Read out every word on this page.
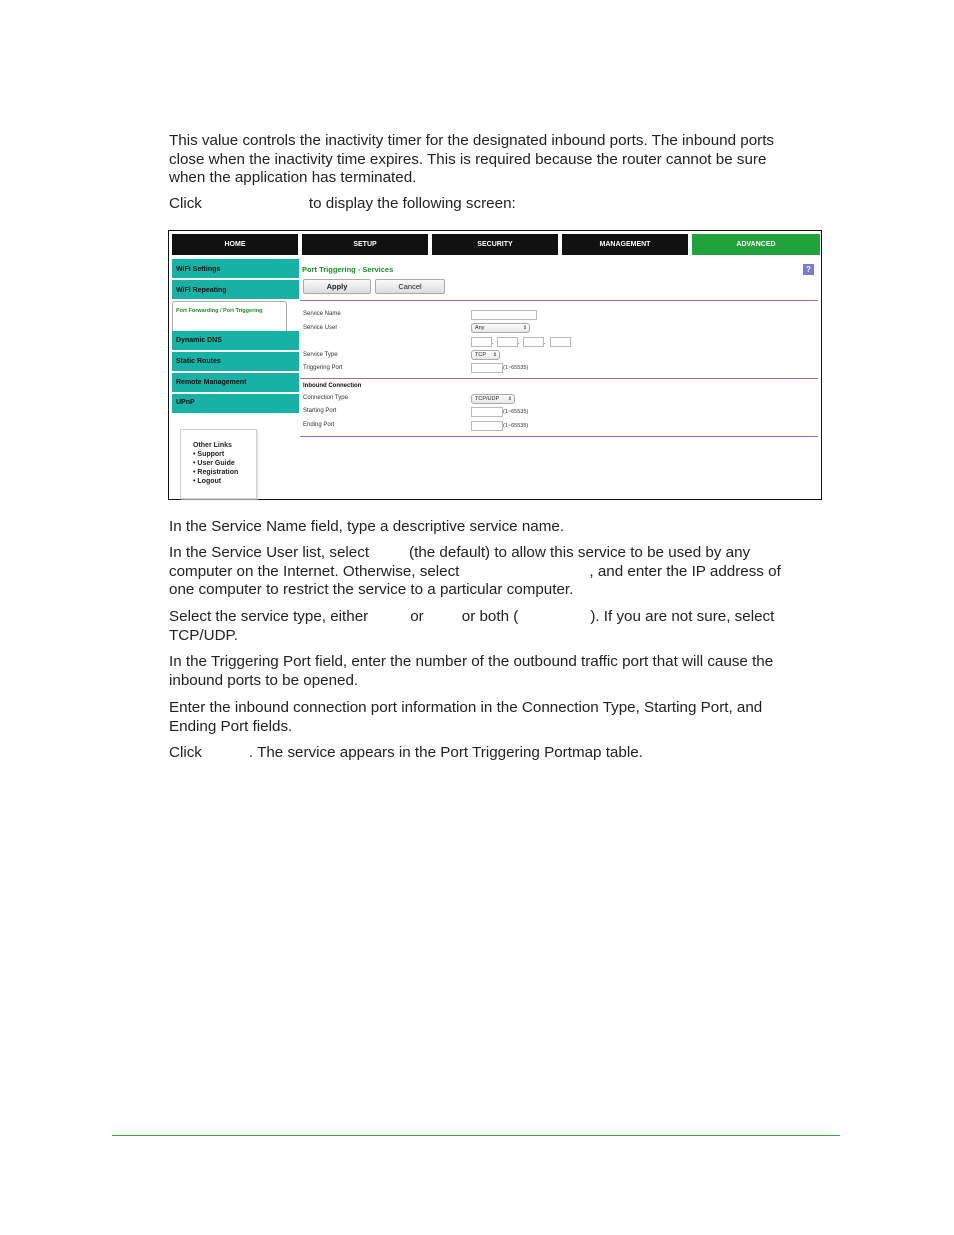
This value controls the inactivity timer for the designated inbound ports. The inbound ports
close when the inactivity time expires. This is required because the router cannot be sure
when the application has terminated.

Click	to display the following screen:

HOME	SETUP	SECURITY	MANAGEMENT	ADVANCED
WiFi Settings
WiFi Repeating
Port Forwarding / Port Triggering
Dynamic DNS
Static Routes
Remote Management
UPnP
Other Links
• Support
• User Guide
• Registration
• Logout
Port Triggering - Services	?
Apply	Cancel
Service Name
Service User	Any	⇕
.	.	.
Service Type	TCP ⇕
Triggering Port	(1~65535)
Inbound Connection
Connection Type	TCP/UDP ⇕
Starting Port	(1~65535)
Ending Port	(1~65535)

In the Service Name field, type a descriptive service name.

In the Service User list, select	(the default) to allow this service to be used by any
computer on the Internet. Otherwise, select	, and enter the IP address of
one computer to restrict the service to a particular computer.

Select the service type, either	or	or both (	). If you are not sure, select
TCP/UDP.

In the Triggering Port field, enter the number of the outbound traffic port that will cause the
inbound ports to be opened.

Enter the inbound connection port information in the Connection Type, Starting Port, and
Ending Port fields.

Click	. The service appears in the Port Triggering Portmap table.
